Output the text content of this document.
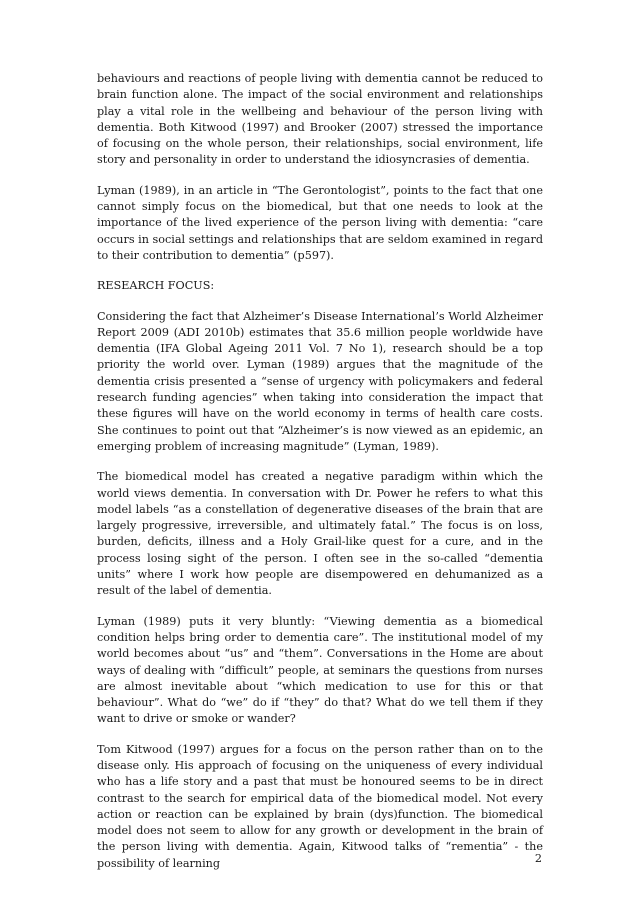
behaviours and reactions of people living with dementia cannot be reduced to brain function alone. The impact of the social environment and relationships play a vital role in the wellbeing and behaviour of the person living with dementia. Both Kitwood (1997) and Brooker (2007) stressed the importance of focusing on the whole person, their relationships, social environment, life story and personality in order to understand the idiosyncrasies of dementia.

Lyman (1989), in an article in “The Gerontologist”, points to the fact that one cannot simply focus on the biomedical, but that one needs to look at the importance of the lived experience of the person living with dementia: “care occurs in social settings and relationships that are seldom examined in regard to their contribution to dementia” (p597).

RESEARCH FOCUS:

Considering the fact that Alzheimer’s Disease International’s World Alzheimer Report 2009 (ADI 2010b) estimates that 35.6 million people worldwide have dementia (IFA Global Ageing 2011 Vol. 7 No 1), research should be a top priority the world over. Lyman (1989) argues that the magnitude of the dementia crisis presented a “sense of urgency with policymakers and federal research funding agencies” when taking into consideration the impact that these figures will have on the world economy in terms of health care costs. She continues to point out that “Alzheimer’s is now viewed as an epidemic, an emerging problem of increasing magnitude” (Lyman, 1989).

The biomedical model has created a negative paradigm within which the world views dementia. In conversation with Dr. Power he refers to what this model labels “as a constellation of degenerative diseases of the brain that are largely progressive, irreversible, and ultimately fatal.” The focus is on loss, burden, deficits, illness and a Holy Grail-like quest for a cure, and in the process losing sight of the person. I often see in the so-called “dementia units” where I work how people are disempowered en dehumanized as a result of the label of dementia.

Lyman (1989) puts it very bluntly: “Viewing dementia as a biomedical condition helps bring order to dementia care”. The institutional model of my world becomes about “us” and “them”. Conversations in the Home are about ways of dealing with “difficult” people, at seminars the questions from nurses are almost inevitable about “which medication to use for this or that behaviour”. What do “we” do if “they” do that? What do we tell them if they want to drive or smoke or wander?

Tom Kitwood (1997) argues for a focus on the person rather than on to the disease only. His approach of focusing on the uniqueness of every individual who has a life story and a past that must be honoured seems to be in direct contrast to the search for empirical data of the biomedical model. Not every action or reaction can be explained by brain (dys)function. The biomedical model does not seem to allow for any growth or development in the brain of the person living with dementia. Again, Kitwood talks of “rementia” - the possibility of learning	2
